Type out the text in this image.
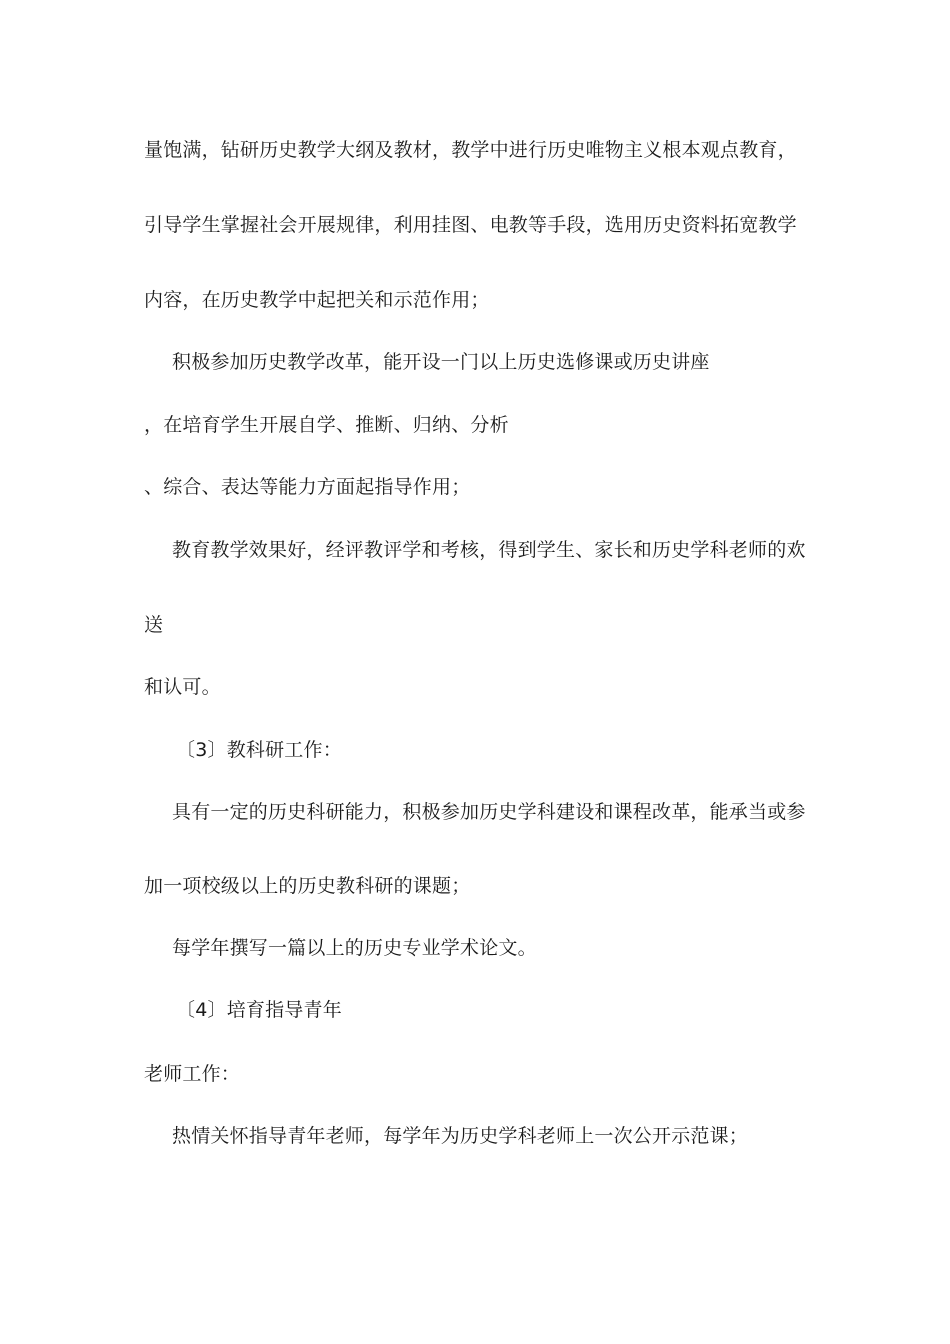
量饱满，钻研历史教学大纲及教材，教学中进行历史唯物主义根本观点教育，
引导学生掌握社会开展规律，利用挂图、电教等手段，选用历史资料拓宽教学
内容，在历史教学中起把关和示范作用；
积极参加历史教学改革，能开设一门以上历史选修课或历史讲座
，在培育学生开展自学、推断、归纳、分析
、综合、表达等能力方面起指导作用；
教育教学效果好，经评教评学和考核，得到学生、家长和历史学科老师的欢
送
和认可。
〔3〕教科研工作：
具有一定的历史科研能力，积极参加历史学科建设和课程改革，能承当或参
加一项校级以上的历史教科研的课题；
每学年撰写一篇以上的历史专业学术论文。
〔4〕培育指导青年
老师工作：
热情关怀指导青年老师，每学年为历史学科老师上一次公开示范课；
